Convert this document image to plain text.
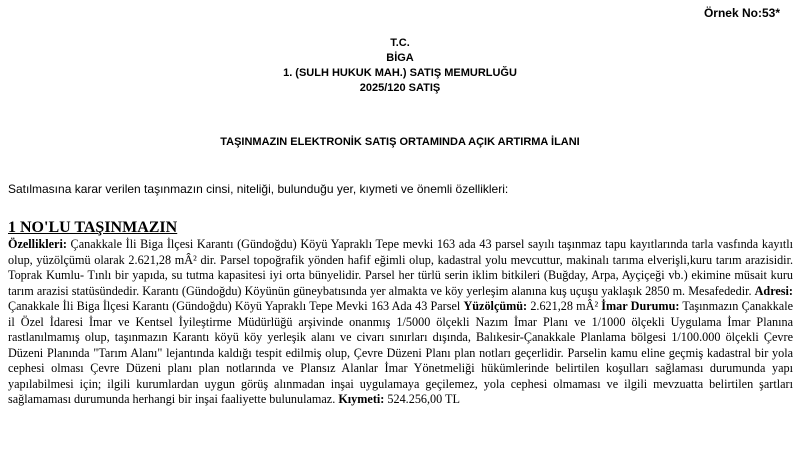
Örnek No:53*
T.C.
BİGA
1. (SULH HUKUK MAH.) SATIŞ MEMURLUĞU
2025/120 SATIŞ
TAŞINMAZIN ELEKTRONİK SATIŞ ORTAMINDA AÇIK ARTIRMA İLANI
Satılmasına karar verilen taşınmazın cinsi, niteliği, bulunduğu yer, kıymeti ve önemli özellikleri:
1 NO'LU TAŞINMAZIN
Özellikleri: Çanakkale İli Biga İlçesi Karantı (Gündoğdu) Köyü Yapraklı Tepe mevki 163 ada 43 parsel sayılı taşınmaz tapu kayıtlarında tarla vasfında kayıtlı olup, yüzölçümü olarak 2.621,28 mÂ² dir. Parsel topoğrafik yönden hafif eğimli olup, kadastral yolu mevcuttur, makinalı tarıma elverişli,kuru tarım arazisidir. Toprak Kumlu- Tınlı bir yapıda, su tutma kapasitesi iyi orta bünyelidir. Parsel her türlü serin iklim bitkileri (Buğday, Arpa, Ayçiçeği vb.) ekimine müsait kuru tarım arazisi statüsündedir. Karantı (Gündoğdu) Köyünün güneybatısında yer almakta ve köy yerleşim alanına kuş uçuşu yaklaşık 2850 m. Mesafededir. Adresi: Çanakkale İli Biga İlçesi Karantı (Gündoğdu) Köyü Yapraklı Tepe Mevki 163 Ada 43 Parsel Yüzölçümü: 2.621,28 mÂ² İmar Durumu: Taşınmazın Çanakkale il Özel İdaresi İmar ve Kentsel İyileştirme Müdürlüğü arşivinde onanmış 1/5000 ölçekli Nazım İmar Planı ve 1/1000 ölçekli Uygulama İmar Planına rastlanılmamış olup, taşınmazın Karantı köyü köy yerleşik alanı ve civarı sınırları dışında, Balıkesir-Çanakkale Planlama bölgesi 1/100.000 ölçekli Çevre Düzeni Planında "Tarım Alanı" lejantında kaldığı tespit edilmiş olup, Çevre Düzeni Planı plan notları geçerlidir. Parselin kamu eline geçmiş kadastral bir yola cephesi olması Çevre Düzeni planı plan notlarında ve Plansız Alanlar İmar Yönetmeliği hükümlerinde belirtilen koşulları sağlaması durumunda yapı yapılabilmesi için; ilgili kurumlardan uygun görüş alınmadan inşai uygulamaya geçilemez, yola cephesi olmaması ve ilgili mevzuatta belirtilen şartları sağlamaması durumunda herhangi bir inşai faaliyette bulunulamaz. Kıymeti: 524.256,00 TL
